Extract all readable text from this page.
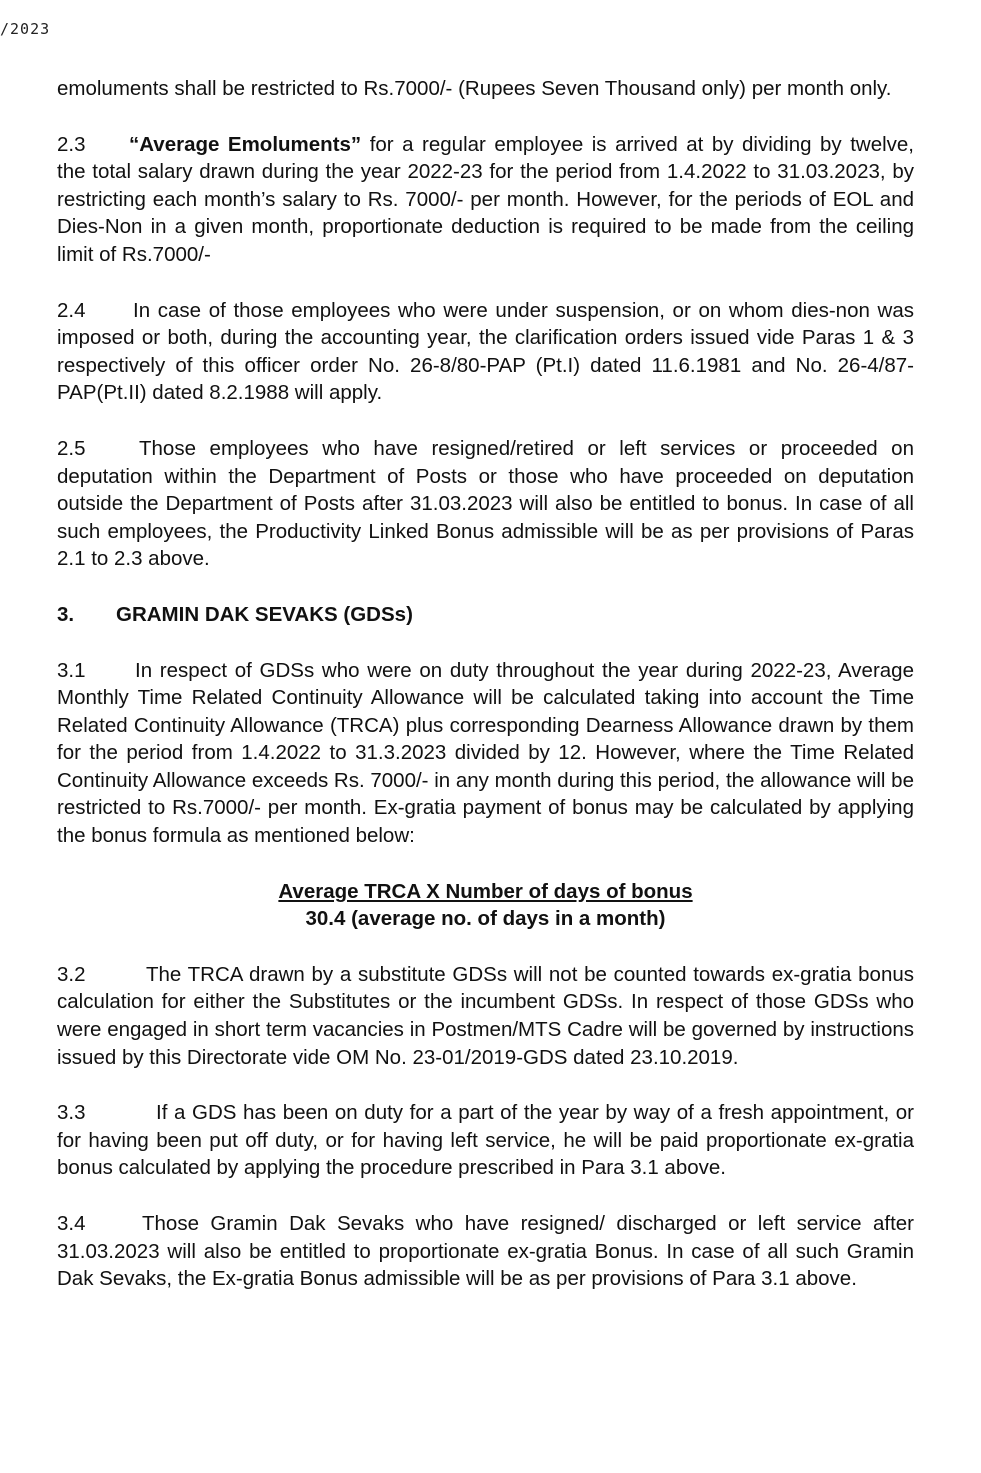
/2023

emoluments shall be restricted to Rs.7000/- (Rupees Seven Thousand only) per month only.

2.3 “Average Emoluments” for a regular employee is arrived at by dividing by twelve, the total salary drawn during the year 2022-23 for the period from 1.4.2022 to 31.03.2023, by restricting each month’s salary to Rs. 7000/- per month. However, for the periods of EOL and Dies-Non in a given month, proportionate deduction is required to be made from the ceiling limit of Rs.7000/-

2.4 In case of those employees who were under suspension, or on whom dies-non was imposed or both, during the accounting year, the clarification orders issued vide Paras 1 & 3 respectively of this officer order No. 26-8/80-PAP (Pt.I) dated 11.6.1981 and No. 26-4/87-PAP(Pt.II) dated 8.2.1988 will apply.

2.5	Those employees who have resigned/retired or left services or proceeded on deputation within the Department of Posts or those who have proceeded on deputation outside the Department of Posts after 31.03.2023 will also be entitled to bonus. In case of all such employees, the Productivity Linked Bonus admissible will be as per provisions of Paras 2.1 to 2.3 above.

3. GRAMIN DAK SEVAKS (GDSs)

3.1 In respect of GDSs who were on duty throughout the year during 2022-23, Average Monthly Time Related Continuity Allowance will be calculated taking into account the Time Related Continuity Allowance (TRCA) plus corresponding Dearness Allowance drawn by them for the period from 1.4.2022 to 31.3.2023 divided by 12. However, where the Time Related Continuity Allowance exceeds Rs. 7000/- in any month during this period, the allowance will be restricted to Rs.7000/- per month. Ex-gratia payment of bonus may be calculated by applying the bonus formula as mentioned below:

Average TRCA X Number of days of bonus
30.4 (average no. of days in a month)

3.2	The TRCA drawn by a substitute GDSs will not be counted towards ex-gratia bonus calculation for either the Substitutes or the incumbent GDSs. In respect of those GDSs who were engaged in short term vacancies in Postmen/MTS Cadre will be governed by instructions issued by this Directorate vide OM No. 23-01/2019-GDS dated 23.10.2019.

3.3	If a GDS has been on duty for a part of the year by way of a fresh appointment, or for having been put off duty, or for having left service, he will be paid proportionate ex-gratia bonus calculated by applying the procedure prescribed in Para 3.1 above.

3.4	Those Gramin Dak Sevaks who have resigned/ discharged or left service after 31.03.2023 will also be entitled to proportionate ex-gratia Bonus. In case of all such Gramin Dak Sevaks, the Ex-gratia Bonus admissible will be as per provisions of Para 3.1 above.
